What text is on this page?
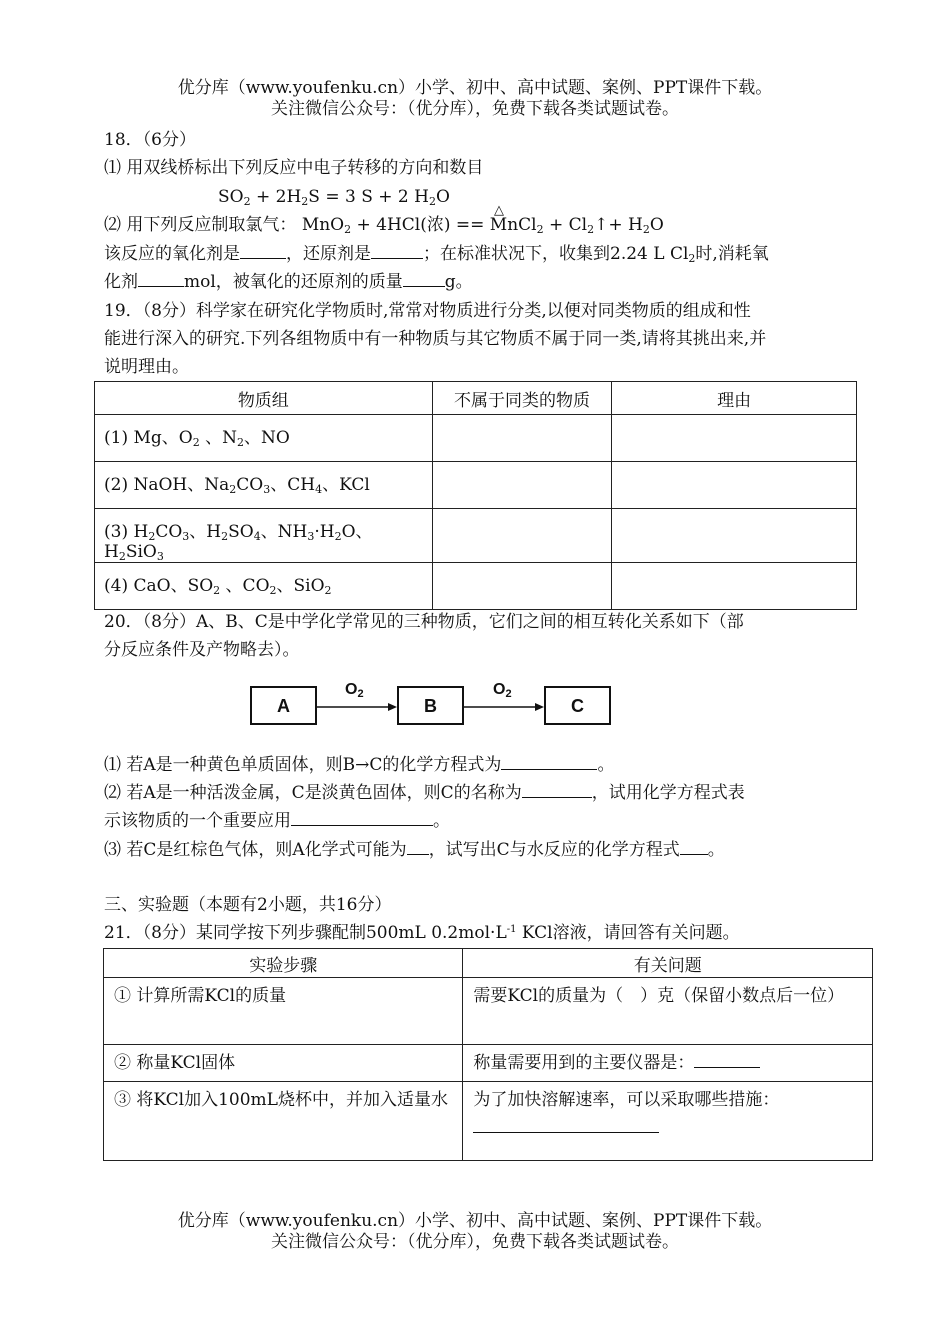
优分库（www.youfenku.cn）小学、初中、高中试题、案例、PPT课件下载。
关注微信公众号：（优分库），免费下载各类试题试卷。
18．（6分）
⑴ 用双线桥标出下列反应中电子转移的方向和数目
$SO_2 + 2H_2S = 3$ S + 2 $H_2O$
△
⑵ 用下列反应制取氯气： MnO$_2$ + 4HCl(浓) == MnCl$_2$ + $Cl_2↑+ H_2O$
该反应的氧化剂是	，还原剂是	；在标准状况下，收集到2.24 L $Cl_2$时,消耗氧
化剂	mol，被氧化的还原剂的质量 g。
19．（8分）科学家在研究化学物质时,常常对物质进行分类,以便对同类物质的组成和性
能进行深入的研究.下列各组物质中有一种物质与其它物质不属于同一类,请将其挑出来,并
说明理由。
物质组	不属于同类的物质	理由
(1) Mg、$O_2$ 、$N_2$、NO		
(2) NaOH、$Na_2CO_3$、$CH_4$、KCl		
(3) $H_2CO_3$、$H_2SO_4$、$NH_3\cdot H_2O$、$H_2SiO_3$		
(4) CaO、$SO_2$ 、$CO_2$、SiO$_2$		
20．（8分）A、B、C是中学化学常见的三种物质，它们之间的相互转化关系如下（部
分反应条件及产物略去）。
A	B	C
$O_2$	$O_2$
⑴ 若A是一种黄色单质固体，则B→C的化学方程式为	。
⑵ 若A是一种活泼金属，C是淡黄色固体，则C的名称为	，试用化学方程式表
示该物质的一个重要应用	。
⑶ 若C是红棕色气体，则A化学式可能为 ，试写出C与水反应的化学方程式 。
三、实验题（本题有2小题，共16分）
21．（8分）某同学按下列步骤配制500mL $0.2mol\cdot L^{-1}$ KCl溶液，请回答有关问题。
实验步骤	有关问题
① 计算所需KCl的质量	需要KCl的质量为（　）克（保留小数点后一位）
② 称量KCl固体	称量需要用到的主要仪器是：
③ 将KCl加入100mL烧杯中，并加入适量水	为了加快溶解速率，可以采取哪些措施：

优分库（www.youfenku.cn）小学、初中、高中试题、案例、PPT课件下载。
关注微信公众号：（优分库），免费下载各类试题试卷。
